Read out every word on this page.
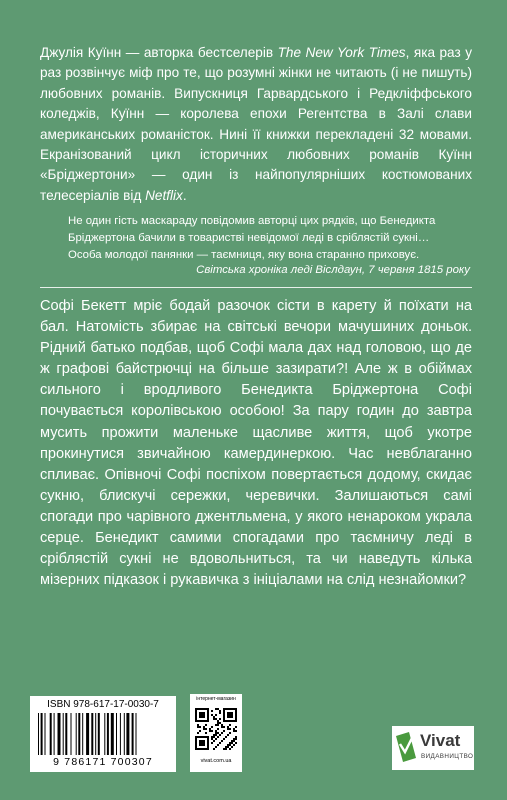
Джулія Куїнн — авторка бестселерів The New York Times, яка раз у раз розвінчує міф про те, що розумні жінки не читають (і не пишуть) любовних романів. Випускниця Гарвардського і Редкліффського коледжів, Куїнн — королева епохи Регентства в Залі слави американських романісток. Нині її книжки перекладені 32 мовами. Екранізований цикл історичних любовних романів Куїнн «Бріджертони» — один із найпопулярніших костюмованих телесеріалів від Netflix.
Не один гість маскараду повідомив авторці цих рядків, що Бенедикта Бріджертона бачили в товаристві невідомої леді в сріблястій сукні… Особа молодої панянки — таємниця, яку вона старанно приховує.
Світська хроніка леді Віслдаун, 7 червня 1815 року
Софі Бекетт мріє бодай разочок сісти в карету й поїхати на бал. Натомість збирає на світські вечори мачушиних доньок. Рідний батько подбав, щоб Софі мала дах над головою, що де ж графові байстрючці на більше зазирати?! Але ж в обіймах сильного і вродливого Бенедикта Бріджертона Софі почувається королівською особою! За пару годин до завтра мусить прожити маленьке щасливе життя, щоб укотре прокинутися звичайною камердинеркою. Час невблаганно спливає. Опівночі Софі поспіхом повертається додому, скидає сукню, блискучі сережки, черевички. Залишаються самі спогади про чарівного джентльмена, у якого ненароком украла серце. Бенедикт самими спогадами про таємничу леді в сріблястій сукні не вдовольниться, та чи наведуть кілька мізерних підказок і рукавичка з ініціалами на слід незнайомки?
ISBN 978-617-17-0030-7
9 786171 700307
інтернет-магазин
vivat.com.ua
Vivat
ВИДАВНИЦТВО
